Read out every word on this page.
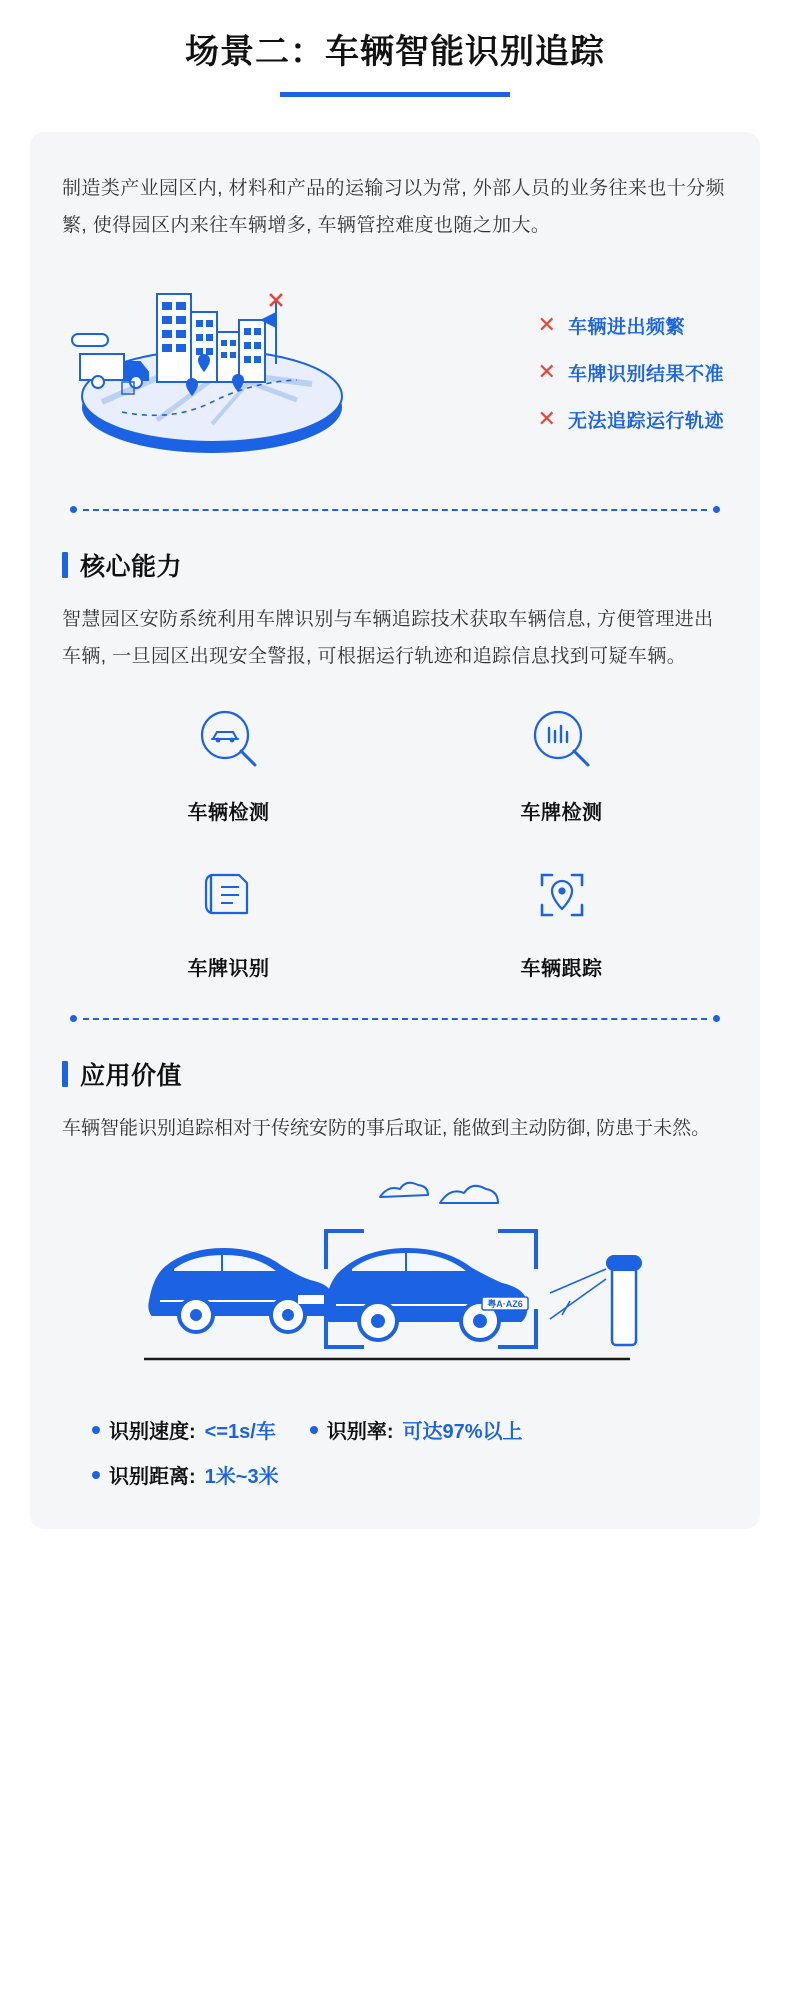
场景二：车辆智能识别追踪

制造类产业园区内, 材料和产品的运输习以为常, 外部人员的业务往来也十分频繁, 使得园区内来往车辆增多, 车辆管控难度也随之加大。

✕ 车辆进出频繁
✕ 车牌识别结果不准
✕ 无法追踪运行轨迹
核心能力

智慧园区安防系统利用车牌识别与车辆追踪技术获取车辆信息, 方便管理进出车辆, 一旦园区出现安全警报, 可根据运行轨迹和追踪信息找到可疑车辆。

车辆检测	车牌检测
车牌识别	车辆跟踪
应用价值

车辆智能识别追踪相对于传统安防的事后取证, 能做到主动防御, 防患于未然。

粤A·AZ6
识别速度: <=1s/车	识别率: 可达97%以上
识别距离: 1米~3米
